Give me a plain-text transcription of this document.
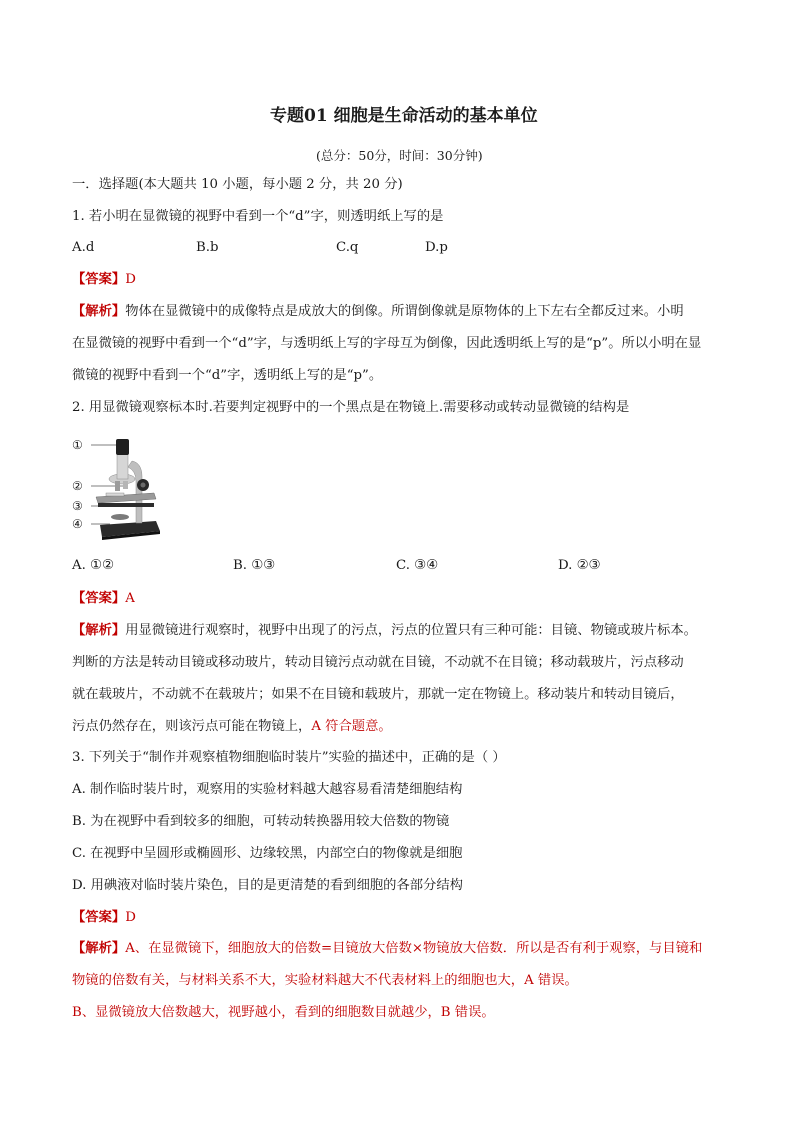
专题01 细胞是生命活动的基本单位
(总分：50分，时间：30分钟)
一．选择题(本大题共 10 小题，每小题 2 分，共 20 分)
1. 若小明在显微镜的视野中看到一个“d”字，则透明纸上写的是
A.d	B.b	C.q	D.p
【答案】D
【解析】物体在显微镜中的成像特点是成放大的倒像。所谓倒像就是原物体的上下左右全都反过来。小明
在显微镜的视野中看到一个“d”字，与透明纸上写的字母互为倒像，因此透明纸上写的是“p”。所以小明在显
微镜的视野中看到一个“d”字，透明纸上写的是“p”。
2. 用显微镜观察标本时.若要判定视野中的一个黑点是在物镜上.需要移动或转动显微镜的结构是
①
②
③
④
A. ①②	B. ①③	C. ③④	D. ②③
【答案】A
【解析】用显微镜进行观察时，视野中出现了的污点，污点的位置只有三种可能：目镜、物镜或玻片标本。
判断的方法是转动目镜或移动玻片，转动目镜污点动就在目镜，不动就不在目镜；移动载玻片，污点移动
就在载玻片，不动就不在载玻片；如果不在目镜和载玻片，那就一定在物镜上。移动装片和转动目镜后，
污点仍然存在，则该污点可能在物镜上，A 符合题意。
3. 下列关于“制作并观察植物细胞临时装片”实验的描述中，正确的是（ ）
A. 制作临时装片时，观察用的实验材料越大越容易看清楚细胞结构
B. 为在视野中看到较多的细胞，可转动转换器用较大倍数的物镜
C. 在视野中呈圆形或椭圆形、边缘较黑，内部空白的物像就是细胞
D. 用碘液对临时装片染色，目的是更清楚的看到细胞的各部分结构
【答案】D
【解析】A、在显微镜下，细胞放大的倍数=目镜放大倍数×物镜放大倍数．所以是否有利于观察，与目镜和
物镜的倍数有关，与材料关系不大，实验材料越大不代表材料上的细胞也大，A 错误。
B、显微镜放大倍数越大，视野越小，看到的细胞数目就越少，B 错误。
